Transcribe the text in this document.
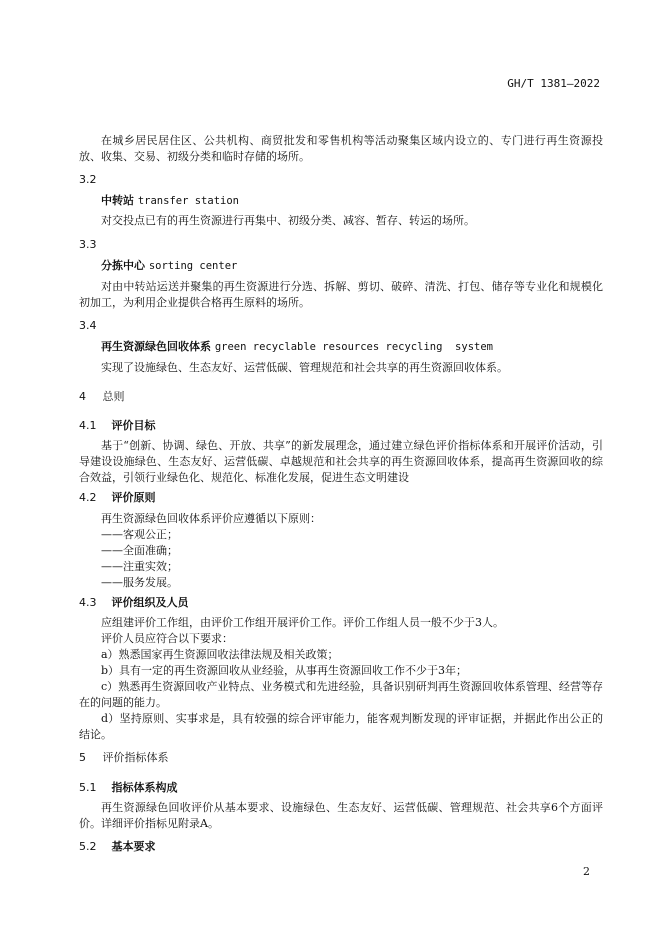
GH/T 1381—2022

在城乡居民居住区、公共机构、商贸批发和零售机构等活动聚集区域内设立的、专门进行再生资源投放、收集、交易、初级分类和临时存储的场所。

3.2
中转站 transfer station

对交投点已有的再生资源进行再集中、初级分类、减容、暂存、转运的场所。

3.3
分拣中心 sorting center

对由中转站运送并聚集的再生资源进行分选、拆解、剪切、破碎、清洗、打包、储存等专业化和规模化初加工，为利用企业提供合格再生原料的场所。

3.4
再生资源绿色回收体系 green recyclable resources recycling  system

实现了设施绿色、生态友好、运营低碳、管理规范和社会共享的再生资源回收体系。

4 总则
4.1 评价目标

基于“创新、协调、绿色、开放、共享”的新发展理念，通过建立绿色评价指标体系和开展评价活动，引导建设设施绿色、生态友好、运营低碳、卓越规范和社会共享的再生资源回收体系，提高再生资源回收的综合效益，引领行业绿色化、规范化、标准化发展，促进生态文明建设

4.2 评价原则

再生资源绿色回收体系评价应遵循以下原则：

——客观公正；

——全面准确；

——注重实效；

——服务发展。

4.3 评价组织及人员

应组建评价工作组，由评价工作组开展评价工作。评价工作组人员一般不少于3人。

评价人员应符合以下要求：

a）熟悉国家再生资源回收法律法规及相关政策；

b）具有一定的再生资源回收从业经验，从事再生资源回收工作不少于3年；

c）熟悉再生资源回收产业特点、业务模式和先进经验，具备识别研判再生资源回收体系管理、经营等存在的问题的能力。

d）坚持原则、实事求是，具有较强的综合评审能力，能客观判断发现的评审证据，并据此作出公正的结论。

5 评价指标体系
5.1 指标体系构成

再生资源绿色回收评价从基本要求、设施绿色、生态友好、运营低碳、管理规范、社会共享6个方面评价。详细评价指标见附录A。

5.2 基本要求
2
